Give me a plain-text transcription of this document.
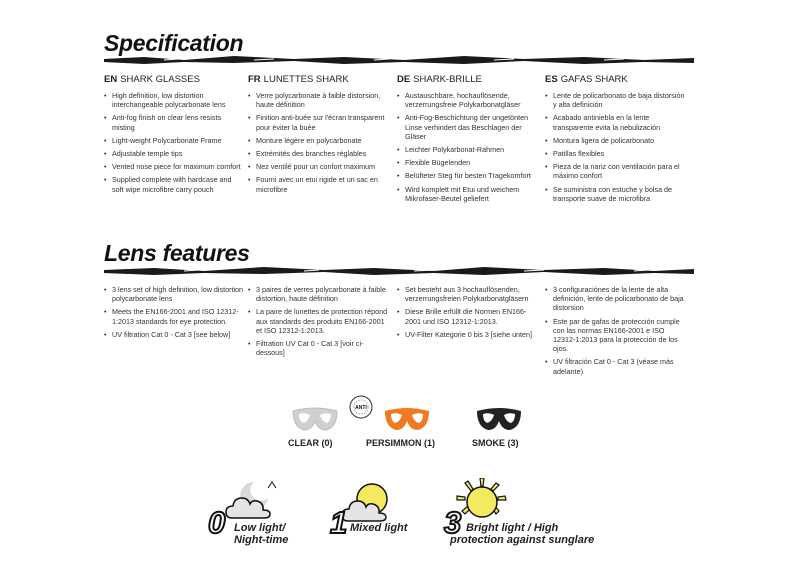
Specification
EN SHARK GLASSES
• High definition, low distortion interchangeable polycarbonate lens
• Anti-fog finish on clear lens resists misting
• Light-weight Polycarbonate Frame
• Adjustable temple tips
• Vented nose piece for maximum comfort
• Supplied complete with hardcase and soft wipe microfibre carry pouch
FR LUNETTES SHARK
• Verre polycarbonate à faible distorsion, haute définition
• Finition anti-buée sur l'écran transparent pour éviter la buée
• Monture légère en polycarbonate
• Extrémités des branches réglables
• Nez ventilé pour un confort maximum
• Fourni avec un etui rigide et un sac en microfibre
DE SHARK-BRILLE
• Austauschbare, hochauflösende, verzerrungsfreie Polykarbonatgläser
• Anti-Fog-Beschichtung der ungetönten Linse verhindert das Beschlagen der Gläser
• Leichter Polykarbonat-Rahmen
• Flexible Bügelenden
• Belüfteter Steg für besten Tragekomfort
• Wird komplett mit Etui und weichem Mikrofaser-Beutel geliefert
ES GAFAS SHARK
• Lente de policarbonato de baja distorsión y alta definición
• Acabado antiniebla en la lente transparente evita la nebulización
• Montura ligera de policarbonato
• Patillas flexibles
• Pieza de la nariz con ventilación para el máximo confort
• Se suministra con estuche y bolsa de transporte suave de microfibra
Lens features
• 3 lens set of high definition, low distortion polycarbonate lens
• Meets the EN166-2001 and ISO 12312-1:2013 standards for eye protection.
• UV filtration Cat 0 - Cat 3 [see below]
• 3 paires de verres polycarbonate à faible distortion, haute définition
• La paire de lunettes de protection répond aux standards des produits EN166-2001 et ISO 12312-1:2013.
• Filtration UV Cat 0 - Cat 3 [voir ci-dessous]
• Set besteht aus 3 hochauflösenden, verzerrungsfreien Polykarbonatgläsern
• Diese Brille erfüllt die Normen EN166-2001 und ISO 12312-1:2013.
• UV-Filter Kategorie 0 bis 3 [siehe unten]
• 3 configuraciónes de la lente de alta definición, lente de policarbonato de baja distorsion
• Este par de gafas de protección cumple con las normas EN166-2001 e ISO 12312-1:2013 para la protección de los ojos.
• UV filtración Cat 0 - Cat 3 (véase más adelante)
ANTI
CLEAR (0)	PERSIMMON (1)	SMOKE (3)
0 Low light/
Night-time 1 Mixed light 3 Bright light / High
protection against sunglare
